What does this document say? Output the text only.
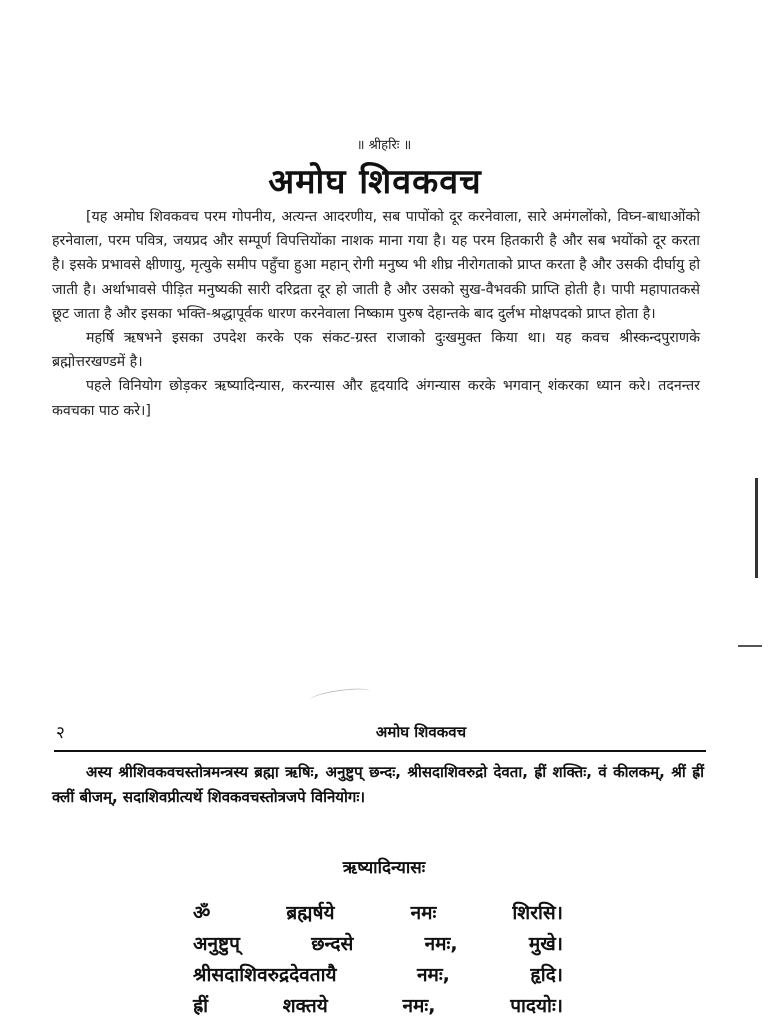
॥ श्रीहरिः ॥
अमोघ शिवकवच

[यह अमोघ शिवकवच परम गोपनीय, अत्यन्त आदरणीय, सब पापोंको दूर करनेवाला, सारे अमंगलोंको, विघ्न-बाधाओंको हरनेवाला, परम पवित्र, जयप्रद और सम्पूर्ण विपत्तियोंका नाशक माना गया है। यह परम हितकारी है और सब भयोंको दूर करता है। इसके प्रभावसे क्षीणायु, मृत्युके समीप पहुँचा हुआ महान् रोगी मनुष्य भी शीघ्र नीरोगताको प्राप्त करता है और उसकी दीर्घायु हो जाती है। अर्थाभावसे पीड़ित मनुष्यकी सारी दरिद्रता दूर हो जाती है और उसको सुख-वैभवकी प्राप्ति होती है। पापी महापातकसे छूट जाता है और इसका भक्ति-श्रद्धापूर्वक धारण करनेवाला निष्काम पुरुष देहान्तके बाद दुर्लभ मोक्षपदको प्राप्त होता है।

महर्षि ऋषभने इसका उपदेश करके एक संकट-ग्रस्त राजाको दुःखमुक्त किया था। यह कवच श्रीस्कन्दपुराणके ब्रह्मोत्तरखण्डमें है।

पहले विनियोग छोड़कर ऋष्यादिन्यास, करन्यास और हृदयादि अंगन्यास करके भगवान् शंकरका ध्यान करे। तदनन्तर कवचका पाठ करे।]

२	अमोघ शिवकवच

अस्य श्रीशिवकवचस्तोत्रमन्त्रस्य ब्रह्मा ऋषिः, अनुष्टुप् छन्दः, श्रीसदाशिवरुद्रो देवता, ह्रीं शक्तिः, वं कीलकम्, श्रीं ह्रीं क्लीं बीजम्, सदाशिवप्रीत्यर्थे शिवकवचस्तोत्रजपे विनियोगः।

ऋष्यादिन्यासः
ॐ	ब्रह्मर्षये	नमः	शिरसि।
अनुष्टुप्	छन्दसे	नमः,	मुखे।
श्रीसदाशिवरुद्रदेवतायै	नमः,	हृदि।
ह्रीं	शक्तये	नमः,	पादयोः।
